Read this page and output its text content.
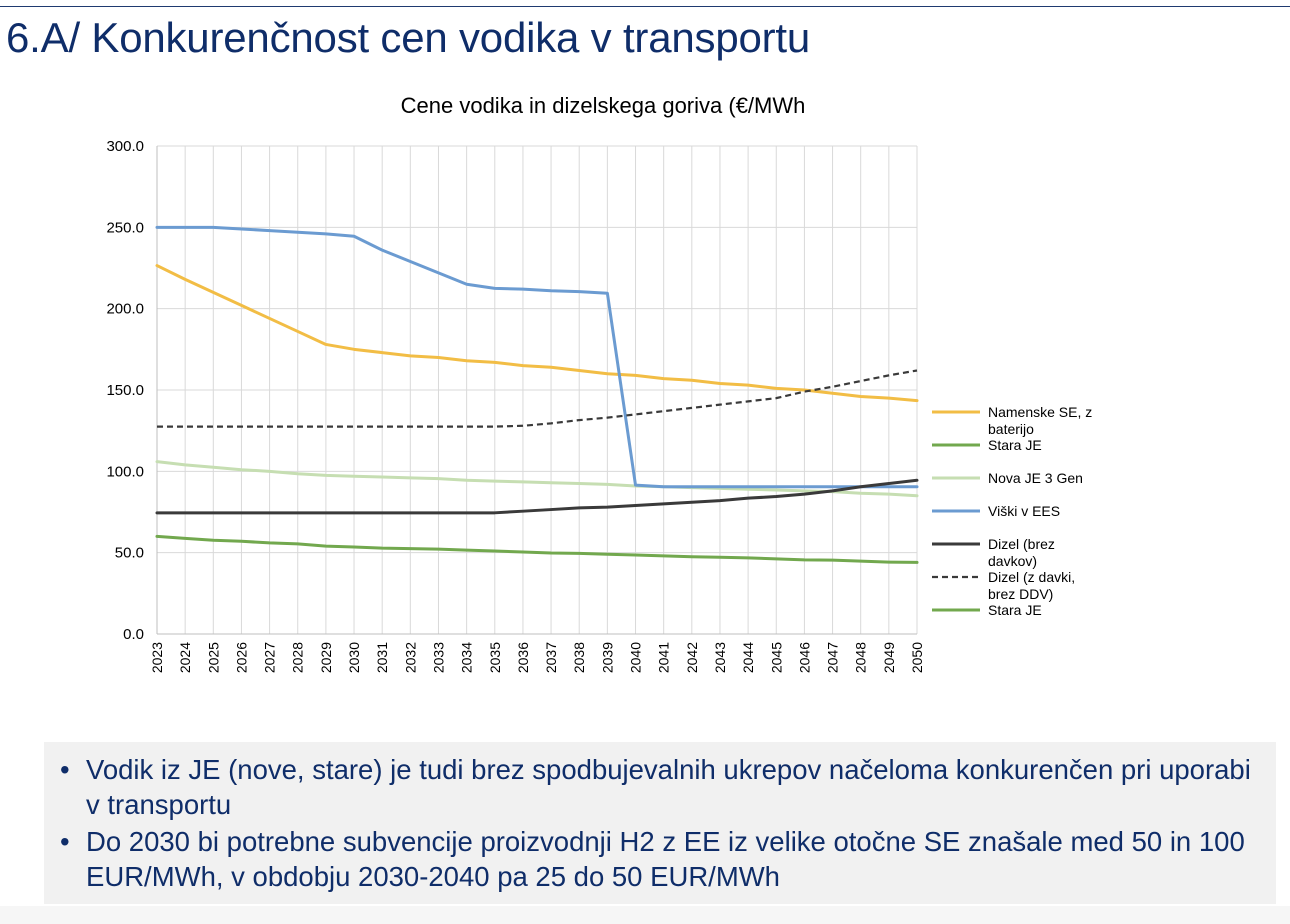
6.A/ Konkurenčnost cen vodika v transportu
Cene vodika in dizelskega goriva (€/MWh
0.0
50.0
100.0
150.0
200.0
250.0
300.0
2023 2024 2025 2026 2027 2028 2029 2030 2031 2032 2033 2034 2035 2036 2037 2038 2039 2040 2041 2042 2043 2044 2045 2046 2047 2048 2049 2050
Namenske SE, z baterijo
Stara JE
Nova JE 3 Gen
Viški v EES
Dizel (brez davkov)
Dizel (z davki, brez DDV)
Stara JE
• Vodik iz JE (nove, stare) je tudi brez spodbujevalnih ukrepov načeloma konkurenčen pri uporabi v transportu
• Do 2030 bi potrebne subvencije proizvodnji H2 z EE iz velike otočne SE znašale med 50 in 100 EUR/MWh, v obdobju 2030-2040 pa 25 do 50 EUR/MWh
